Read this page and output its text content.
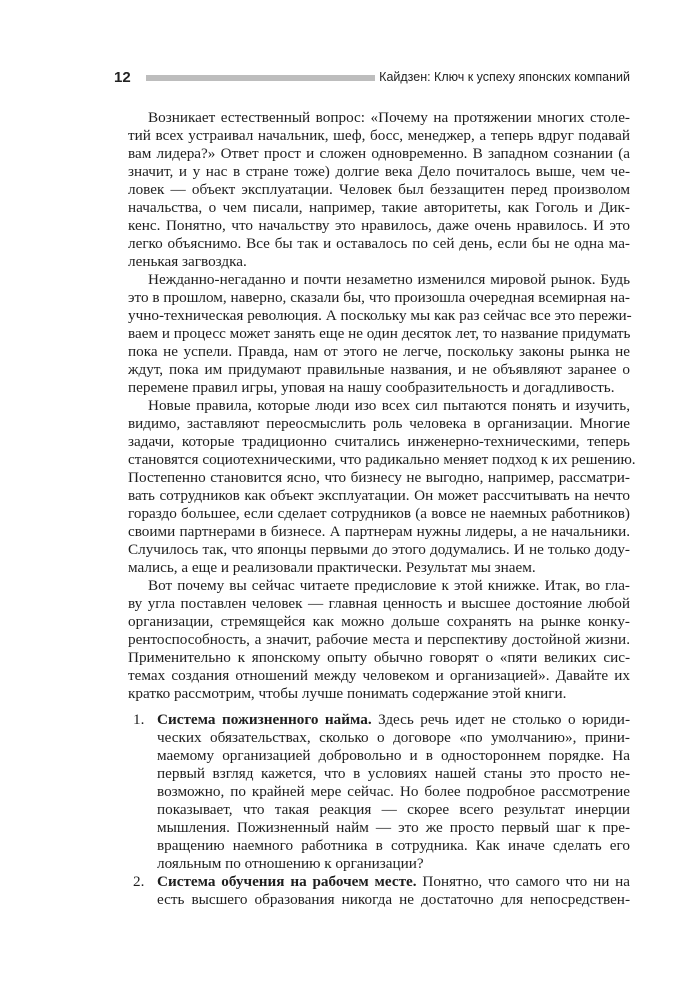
12	Кайдзен: Ключ к успеху японских компаний
Возникает естественный вопрос: «Почему на протяжении многих столе-
тий всех устраивал начальник, шеф, босс, менеджер, а теперь вдруг подавай
вам лидера?» Ответ прост и сложен одновременно. В западном сознании (а
значит, и у нас в стране тоже) долгие века Дело почиталось выше, чем че-
ловек — объект эксплуатации. Человек был беззащитен перед произволом
начальства, о чем писали, например, такие авторитеты, как Гоголь и Дик-
кенс. Понятно, что начальству это нравилось, даже очень нравилось. И это
легко объяснимо. Все бы так и оставалось по сей день, если бы не одна ма-
ленькая загвоздка.
Нежданно-негаданно и почти незаметно изменился мировой рынок. Будь
это в прошлом, наверно, сказали бы, что произошла очередная всемирная на-
учно-техническая революция. А поскольку мы как раз сейчас все это пережи-
ваем и процесс может занять еще не один десяток лет, то название придумать
пока не успели. Правда, нам от этого не легче, поскольку законы рынка не
ждут, пока им придумают правильные названия, и не объявляют заранее о
перемене правил игры, уповая на нашу сообразительность и догадливость.
Новые правила, которые люди изо всех сил пытаются понять и изучить,
видимо, заставляют переосмыслить роль человека в организации. Многие
задачи, которые традиционно считались инженерно-техническими, теперь
становятся социотехническими, что радикально меняет подход к их решению.
Постепенно становится ясно, что бизнесу не выгодно, например, рассматри-
вать сотрудников как объект эксплуатации. Он может рассчитывать на нечто
гораздо большее, если сделает сотрудников (а вовсе не наемных работников)
своими партнерами в бизнесе. А партнерам нужны лидеры, а не начальники.
Случилось так, что японцы первыми до этого додумались. И не только доду-
мались, а еще и реализовали практически. Результат мы знаем.
Вот почему вы сейчас читаете предисловие к этой книжке. Итак, во гла-
ву угла поставлен человек — главная ценность и высшее достояние любой
организации, стремящейся как можно дольше сохранять на рынке конку-
рентоспособность, а значит, рабочие места и перспективу достойной жизни.
Применительно к японскому опыту обычно говорят о «пяти великих сис-
темах создания отношений между человеком и организацией». Давайте их
кратко рассмотрим, чтобы лучше понимать содержание этой книги.
1. Система пожизненного найма. Здесь речь идет не столько о юриди-
ческих обязательствах, сколько о договоре «по умолчанию», прини-
маемому организацией добровольно и в одностороннем порядке. На
первый взгляд кажется, что в условиях нашей станы это просто не-
возможно, по крайней мере сейчас. Но более подробное рассмотрение
показывает, что такая реакция — скорее всего результат инерции
мышления. Пожизненный найм — это же просто первый шаг к пре-
вращению наемного работника в сотрудника. Как иначе сделать его
лояльным по отношению к организации?
2. Система обучения на рабочем месте. Понятно, что самого что ни на
есть высшего образования никогда не достаточно для непосредствен-
